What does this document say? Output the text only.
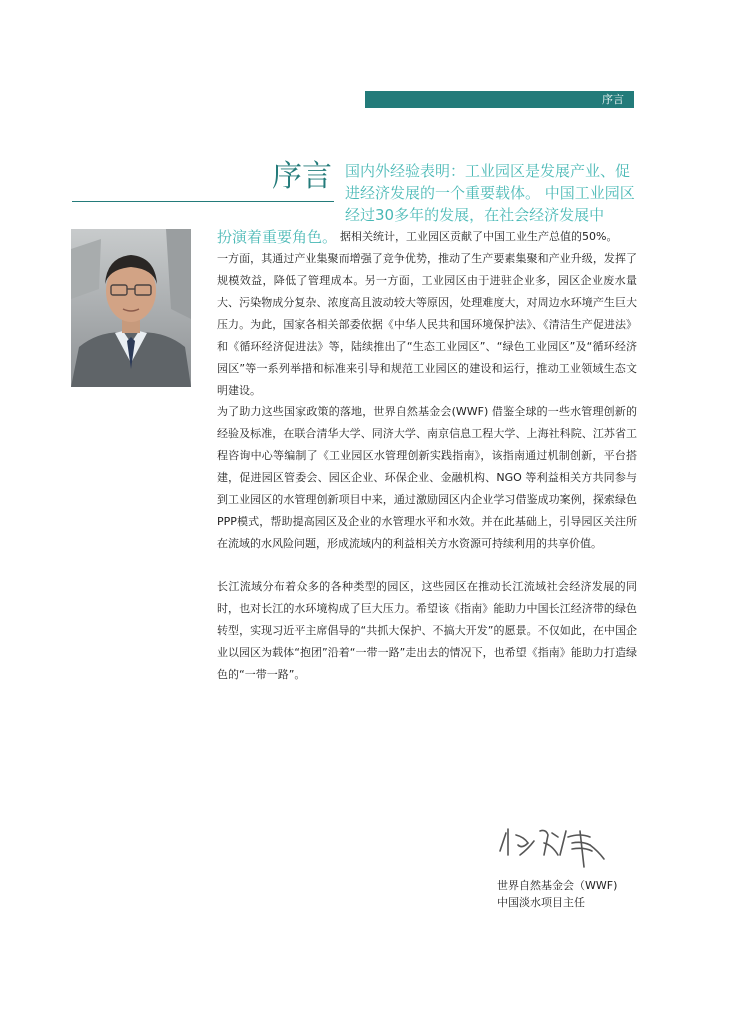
序言
序言 国内外经验表明：工业园区是发展产业、促进经济发展的一个重要载体。 中国工业园区经过30多年的发展，在社会经济发展中
扮演着重要角色。 据相关统计，工业园区贡献了中国工业生产总值的50%。
一方面，其通过产业集聚而增强了竞争优势，推动了生产要素集聚和产业升级，发挥了规模效益，降低了管理成本。另一方面，工业园区由于进驻企业多，园区企业废水量大、污染物成分复杂、浓度高且波动较大等原因，处理难度大，对周边水环境产生巨大压力。为此，国家各相关部委依据《中华人民共和国环境保护法》、《清洁生产促进法》和《循环经济促进法》等，陆续推出了“生态工业园区”、“绿色工业园区”及“循环经济园区”等一系列举措和标准来引导和规范工业园区的建设和运行，推动工业领域生态文明建设。
为了助力这些国家政策的落地，世界自然基金会(WWF) 借鉴全球的一些水管理创新的经验及标准，在联合清华大学、同济大学、南京信息工程大学、上海社科院、江苏省工程咨询中心等编制了《工业园区水管理创新实践指南》，该指南通过机制创新，平台搭建，促进园区管委会、园区企业、环保企业、金融机构、NGO 等利益相关方共同参与到工业园区的水管理创新项目中来，通过激励园区内企业学习借鉴成功案例，探索绿色PPP模式，帮助提高园区及企业的水管理水平和水效。并在此基础上，引导园区关注所在流域的水风险问题，形成流域内的利益相关方水资源可持续利用的共享价值。
长江流域分布着众多的各种类型的园区，这些园区在推动长江流域社会经济发展的同时，也对长江的水环境构成了巨大压力。希望该《指南》能助力中国长江经济带的绿色转型，实现习近平主席倡导的“共抓大保护、不搞大开发”的愿景。不仅如此，在中国企业以园区为载体“抱团”沿着“一带一路”走出去的情况下，也希望《指南》能助力打造绿色的“一带一路”。
世界自然基金会（WWF)
中国淡水项目主任
